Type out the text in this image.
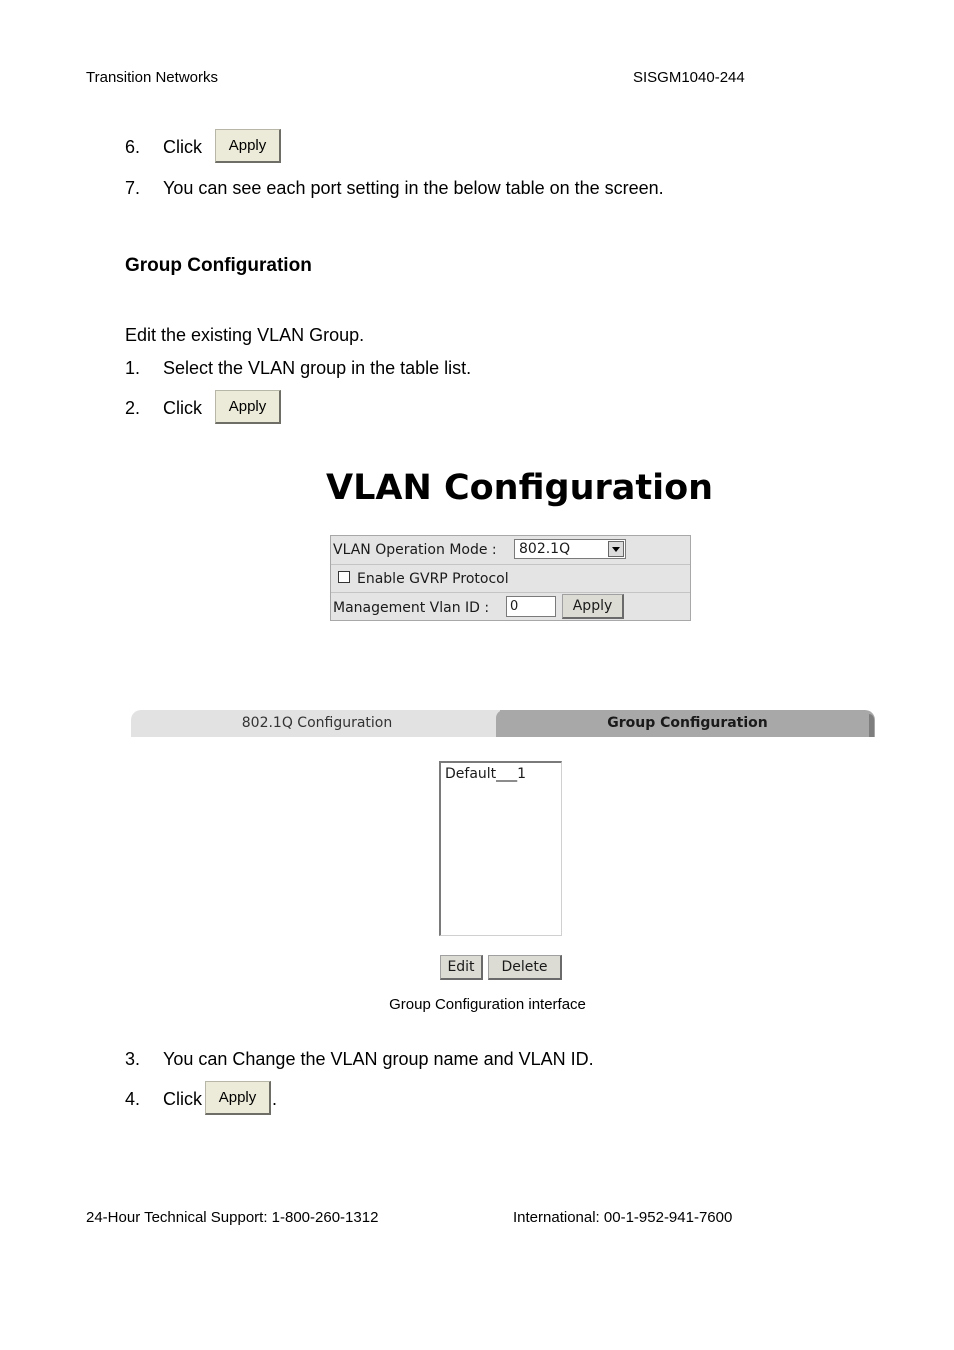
Transition Networks	SISGM1040-244
6. Click	Apply
7. You can see each port setting in the below table on the screen.
Group Configuration
Edit the existing VLAN Group.
1. Select the VLAN group in the table list.
2. Click	Apply
VLAN Configuration
VLAN Operation Mode :	802.1Q
Enable GVRP Protocol
Management Vlan ID :	0	Apply
802.1Q Configuration	Group Configuration
Default___1
Edit	Delete
Group Configuration interface
3. You can Change the VLAN group name and VLAN ID.
4. Click	.
Apply
24-Hour Technical Support: 1-800-260-1312	International: 00-1-952-941-7600
